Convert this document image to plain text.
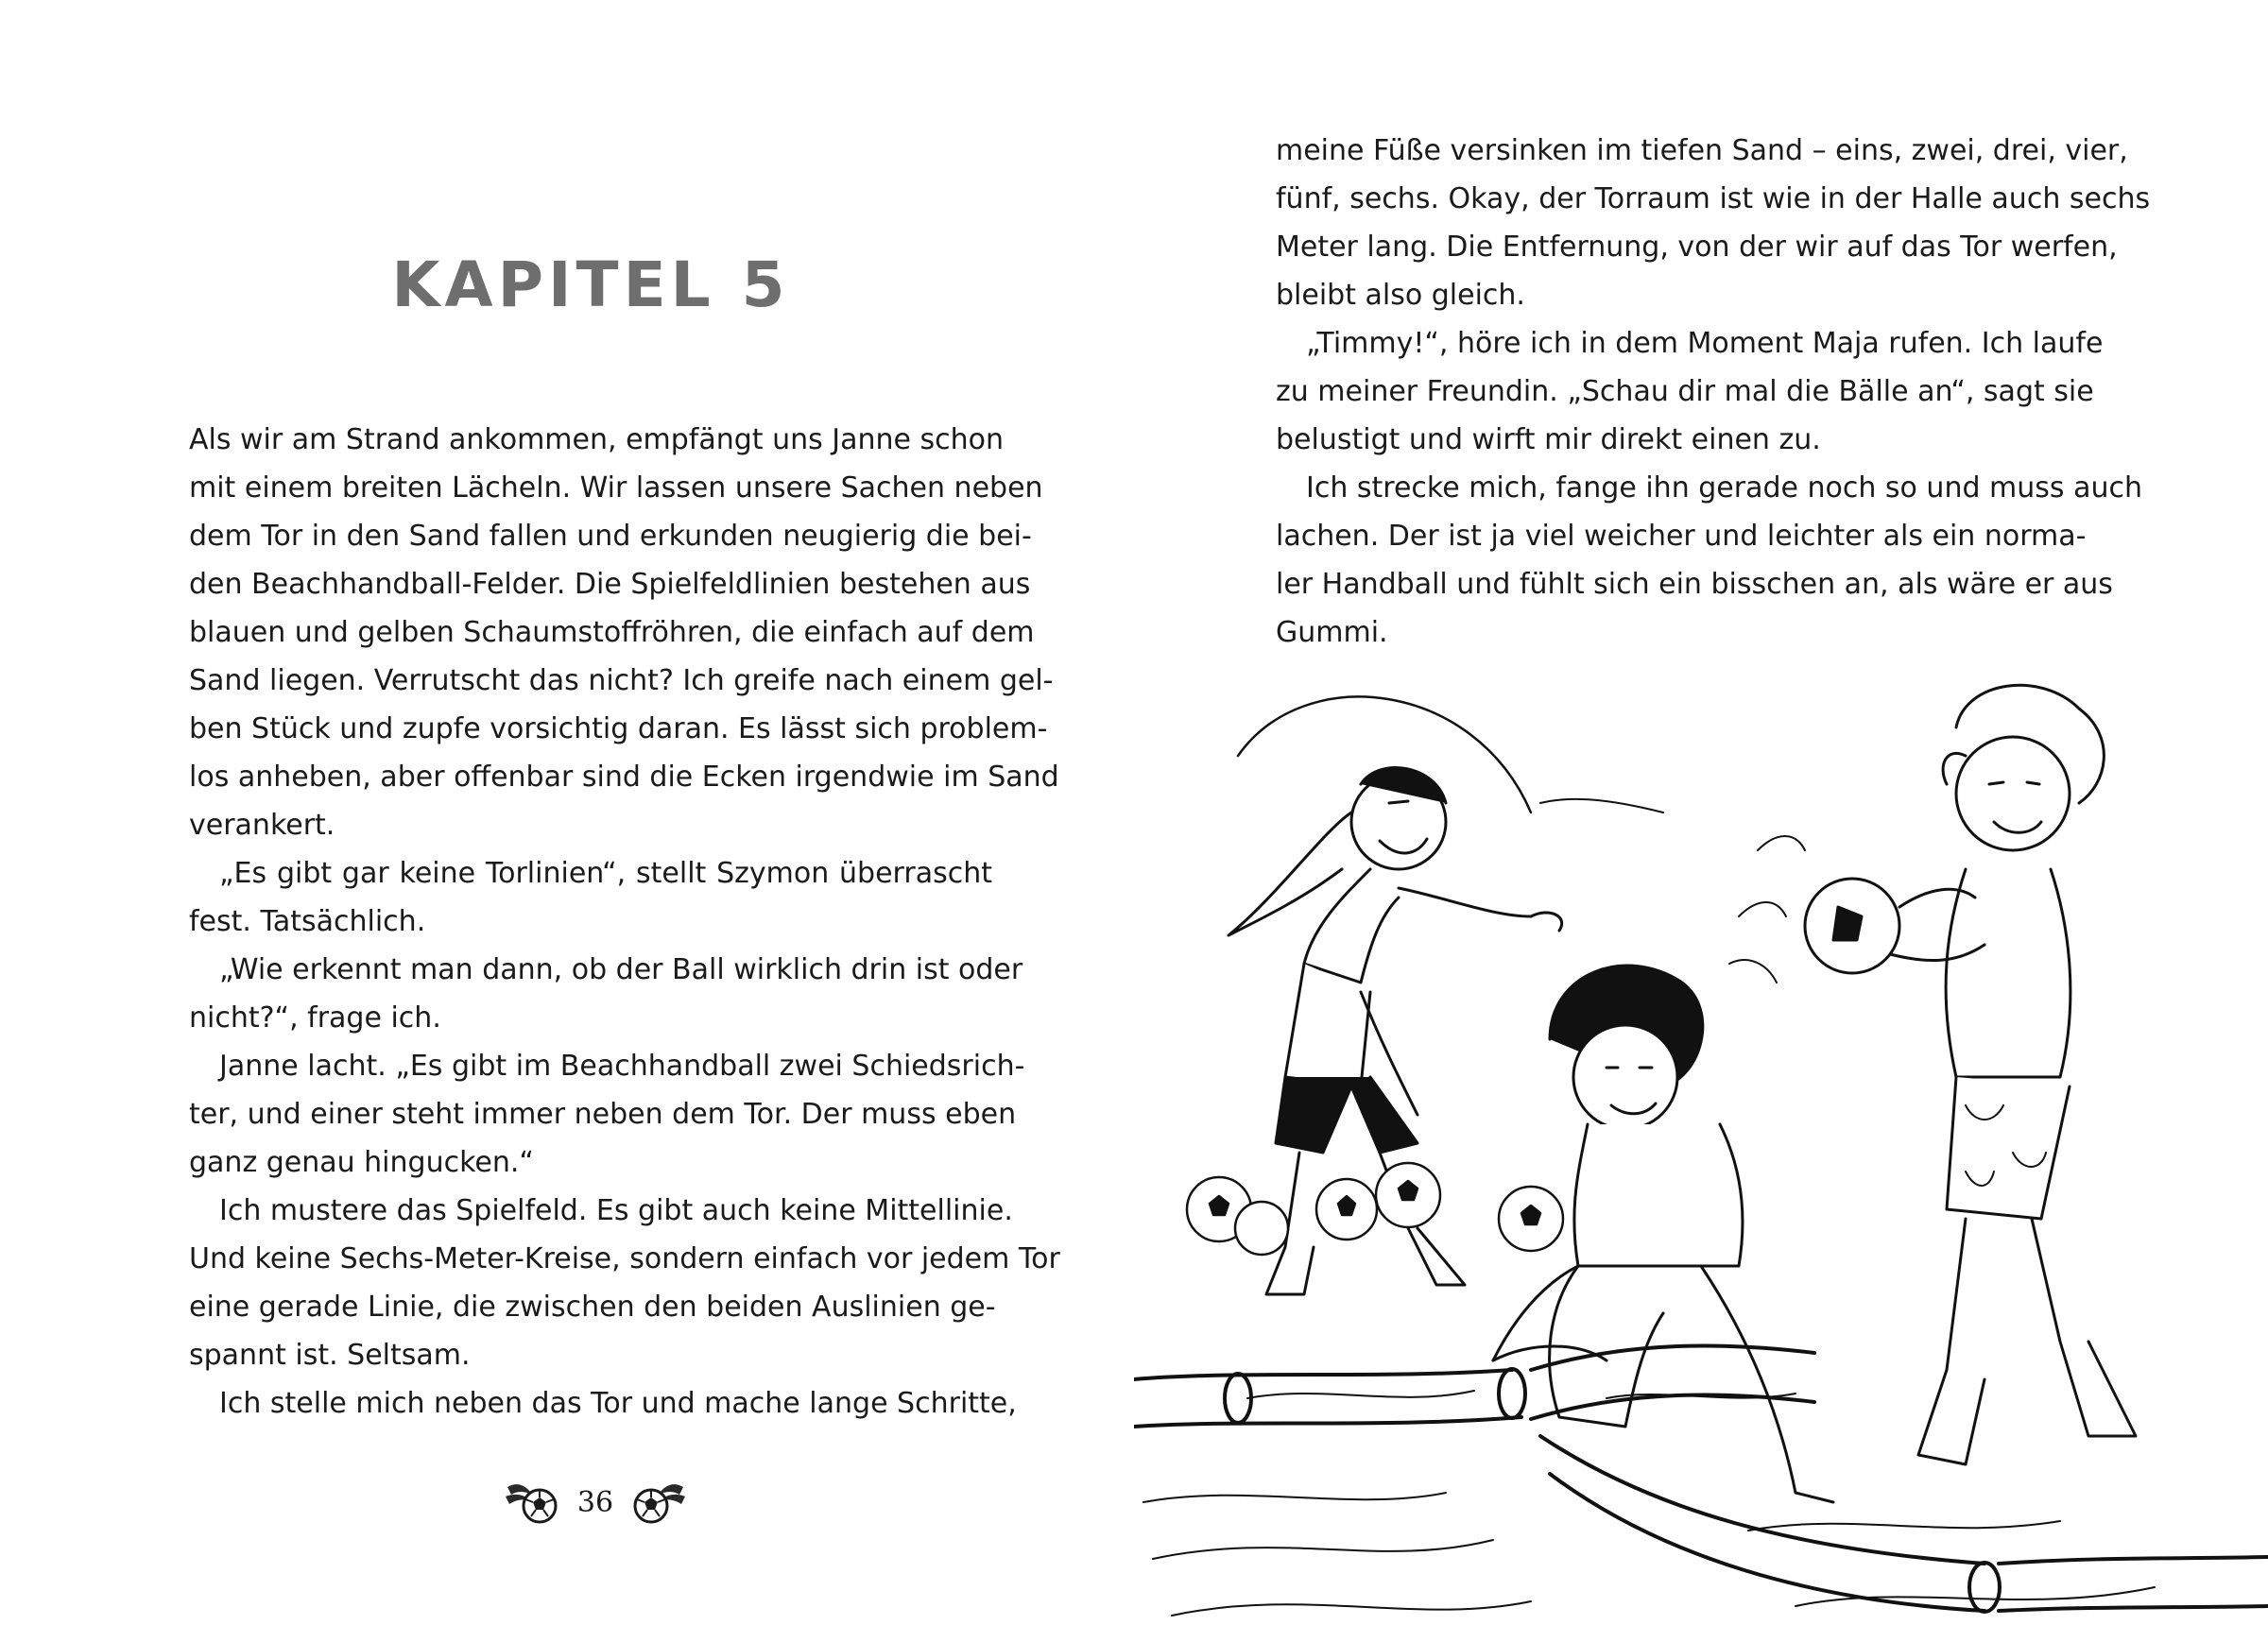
KAPITEL 5
Als wir am Strand ankommen, empfängt uns Janne schon
mit einem breiten Lächeln. Wir lassen unsere Sachen neben
dem Tor in den Sand fallen und erkunden neugierig die bei-
den Beachhandball-Felder. Die Spielfeldlinien bestehen aus
blauen und gelben Schaumstoffröhren, die einfach auf dem
Sand liegen. Verrutscht das nicht? Ich greife nach einem gel-
ben Stück und zupfe vorsichtig daran. Es lässt sich problem-
los anheben, aber offenbar sind die Ecken irgendwie im Sand
verankert.
„Es gibt gar keine Torlinien“, stellt Szymon überrascht
fest. Tatsächlich.
„Wie erkennt man dann, ob der Ball wirklich drin ist oder
nicht?“, frage ich.
Janne lacht. „Es gibt im Beachhandball zwei Schiedsrich-
ter, und einer steht immer neben dem Tor. Der muss eben
ganz genau hingucken.“
Ich mustere das Spielfeld. Es gibt auch keine Mittellinie.
Und keine Sechs-Meter-Kreise, sondern einfach vor jedem Tor
eine gerade Linie, die zwischen den beiden Auslinien ge-
spannt ist. Seltsam.
Ich stelle mich neben das Tor und mache lange Schritte,
36
meine Füße versinken im tiefen Sand – eins, zwei, drei, vier,
fünf, sechs. Okay, der Torraum ist wie in der Halle auch sechs
Meter lang. Die Entfernung, von der wir auf das Tor werfen,
bleibt also gleich.
„Timmy!“, höre ich in dem Moment Maja rufen. Ich laufe
zu meiner Freundin. „Schau dir mal die Bälle an“, sagt sie
belustigt und wirft mir direkt einen zu.
Ich strecke mich, fange ihn gerade noch so und muss auch
lachen. Der ist ja viel weicher und leichter als ein norma-
ler Handball und fühlt sich ein bisschen an, als wäre er aus
Gummi.
